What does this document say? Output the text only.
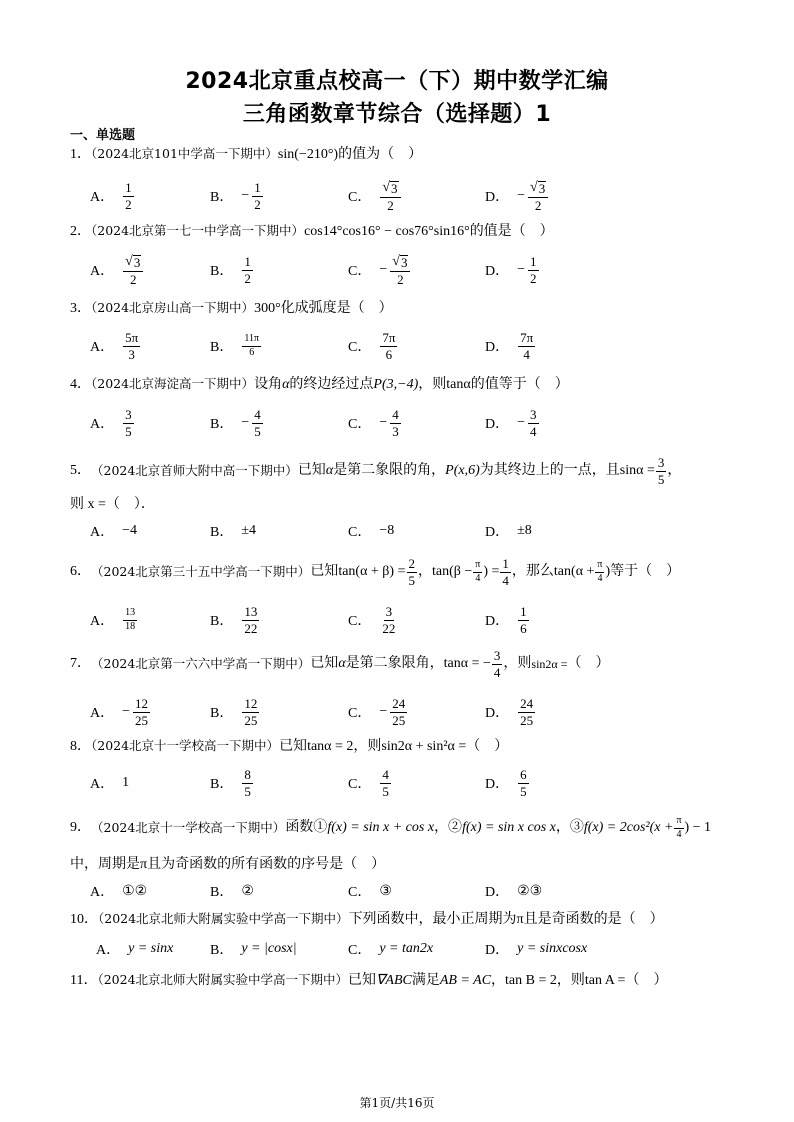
2024北京重点校高一（下）期中数学汇编
三角函数章节综合（选择题）1
一、单选题
1．（2024北京101中学高一下期中）sin(−210°)的值为（　）
A． $\frac{1}{2}$	B． − $\frac{1}{2}$	C． $\frac{√ 3}{2}$	D． − $\frac{√ 3}{2}$
2．（2024北京第一七一中学高一下期中）cos14°cos16° − cos76°sin16°的值是（　）
A． $\frac{√ 3}{2}$	B． $\frac{1}{2}$	C． − $\frac{√ 3}{2}$	D． − $\frac{1}{2}$
3．（2024北京房山高一下期中）300°化成弧度是（　）
A． $\frac{5\pi}{3}$	B． $\frac{11\pi}{6}$	C． $\frac{7\pi}{6}$	D． $\frac{7\pi}{4}$
4．（2024北京海淀高一下期中）设角α的终边经过点P(3,−4)，则tanα的值等于（　）
A． $\frac{3}{5}$	B． − $\frac{4}{5}$	C． − $\frac{4}{3}$	D． − $\frac{3}{4}$
5． （2024北京首师大附中高一下期中） 已知 α 是第二象限的角， P(x,6) 为其终边上的一点，且 $\sin\alpha = \frac{3}{5}$ ，
则 x =（　）．
A． −4	B． ±4	C． −8	D． ±8
6． （2024北京第三十五中学高一下期中） 已知 $\tan(\alpha + \beta) = \frac{2}{5}$ ， $\tan(\beta - \frac{\pi}{4}$ ) = $\frac{1}{4}$ ，那么 $\tan(\alpha + \frac{\pi}{4}$ ) 等于（　）
A． $\frac{13}{18}$	B． $\frac{13}{22}$	C． $\frac{3}{22}$	D． $\frac{1}{6}$
7． （2024北京第一六六中学高一下期中） 已知 α 是第二象限角， tanα = − $\frac{3}{4}$ ，则 sin2α = （　）
A． − $\frac{12}{25}$	B． $\frac{12}{25}$	C． − $\frac{24}{25}$	D． $\frac{24}{25}$
8．（2024北京十一学校高一下期中）已知tanα = 2，则sin2α + sin²α =（　）
A． 1	B． $\frac{8}{5}$	C． $\frac{4}{5}$	D． $\frac{6}{5}$
9． （2024北京十一学校高一下期中） 函数① f(x) = sin x + cos x ，② f(x) = sin x cos x ，③ $f(x) = 2\cos^2(x + \frac{\pi}{4}$ ) − 1
中，周期是π且为奇函数的所有函数的序号是（　）
A． ①②	B． ②	C． ③	D． ②③
10．（2024北京北师大附属实验中学高一下期中）下列函数中，最小正周期为π且是奇函数的是（　）
A． y = sinx	B． y = |cosx|	C． y = tan2x	D． y = sinxcosx
11．（2024北京北师大附属实验中学高一下期中）已知∇ABC满足AB = AC，tan B = 2，则tan A =（　）
第1页/共16页
